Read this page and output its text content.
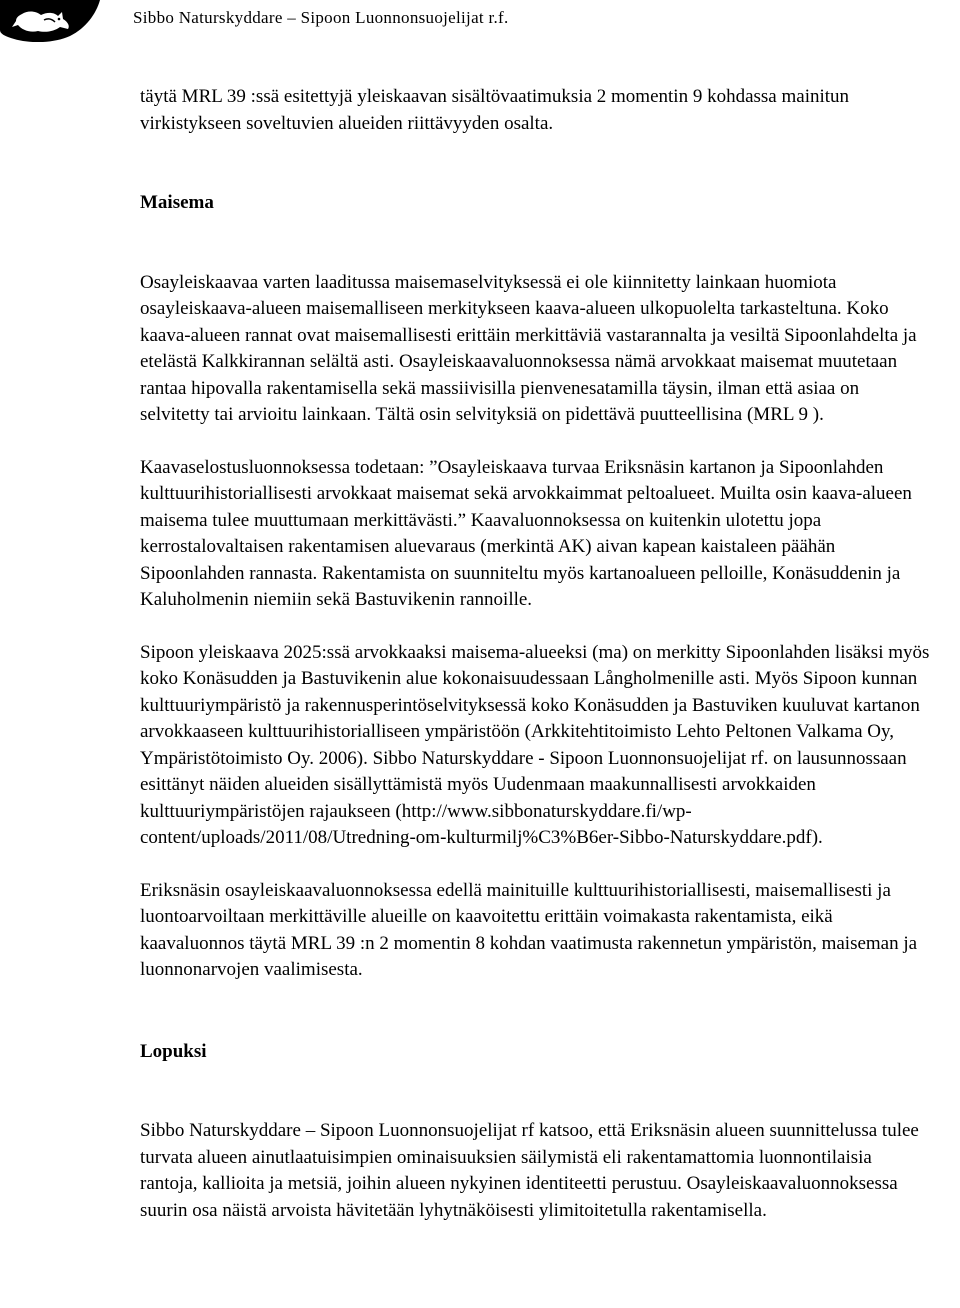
Sibbo Naturskyddare – Sipoon Luonnonsuojelijat r.f.

täytä MRL 39 :ssä esitettyjä yleiskaavan sisältövaatimuksia 2 momentin 9 kohdassa mainitun virkistykseen soveltuvien alueiden riittävyyden osalta.

Maisema

Osayleiskaavaa varten laaditussa maisemaselvityksessä ei ole kiinnitetty lainkaan huomiota osayleiskaava-alueen maisemalliseen merkitykseen kaava-alueen ulkopuolelta tarkasteltuna. Koko kaava-alueen rannat ovat maisemallisesti erittäin merkittäviä vastarannalta ja vesiltä Sipoonlahdelta ja etelästä Kalkkirannan selältä asti. Osayleiskaavaluonnoksessa nämä arvokkaat maisemat muutetaan rantaa hipovalla rakentamisella sekä massiivisilla pienvenesatamilla täysin, ilman että asiaa on selvitetty tai arvioitu lainkaan. Tältä osin selvityksiä on pidettävä puutteellisina (MRL 9 ).

Kaavaselostusluonnoksessa todetaan: ”Osayleiskaava turvaa Eriksnäsin kartanon ja Sipoonlahden kulttuurihistoriallisesti arvokkaat maisemat sekä arvokkaimmat peltoalueet. Muilta osin kaava-alueen maisema tulee muuttumaan merkittävästi.” Kaavaluonnoksessa on kuitenkin ulotettu jopa kerrostalovaltaisen rakentamisen aluevaraus (merkintä AK) aivan kapean kaistaleen päähän Sipoonlahden rannasta. Rakentamista on suunniteltu myös kartanoalueen pelloille, Konäsuddenin ja Kaluholmenin niemiin sekä Bastuvikenin rannoille.

Sipoon yleiskaava 2025:ssä arvokkaaksi maisema-alueeksi (ma) on merkitty Sipoonlahden lisäksi myös koko Konäsudden ja Bastuvikenin alue kokonaisuudessaan Långholmenille asti. Myös Sipoon kunnan kulttuuriympäristö ja rakennusperintöselvityksessä koko Konäsudden ja Bastuviken kuuluvat kartanon arvokkaaseen kulttuurihistorialliseen ympäristöön (Arkkitehtitoimisto Lehto Peltonen Valkama Oy, Ympäristötoimisto Oy. 2006). Sibbo Naturskyddare - Sipoon Luonnonsuojelijat rf. on lausunnossaan esittänyt näiden alueiden sisällyttämistä myös Uudenmaan maakunnallisesti arvokkaiden kulttuuriympäristöjen rajaukseen (http://www.sibbonaturskyddare.fi/wp-content/uploads/2011/08/Utredning-om-kulturmilj%C3%B6er-Sibbo-Naturskyddare.pdf).

Eriksnäsin osayleiskaavaluonnoksessa edellä mainituille kulttuurihistoriallisesti, maisemallisesti ja luontoarvoiltaan merkittäville alueille on kaavoitettu erittäin voimakasta rakentamista, eikä kaavaluonnos täytä MRL 39 :n 2 momentin 8 kohdan vaatimusta rakennetun ympäristön, maiseman ja luonnonarvojen vaalimisesta.

Lopuksi

Sibbo Naturskyddare – Sipoon Luonnonsuojelijat rf katsoo, että Eriksnäsin alueen suunnittelussa tulee turvata alueen ainutlaatuisimpien ominaisuuksien säilymistä eli rakentamattomia luonnontilaisia rantoja, kallioita ja metsiä, joihin alueen nykyinen identiteetti perustuu. Osayleiskaavaluonnoksessa suurin osa näistä arvoista hävitetään lyhytnäköisesti ylimitoitetulla rakentamisella.
